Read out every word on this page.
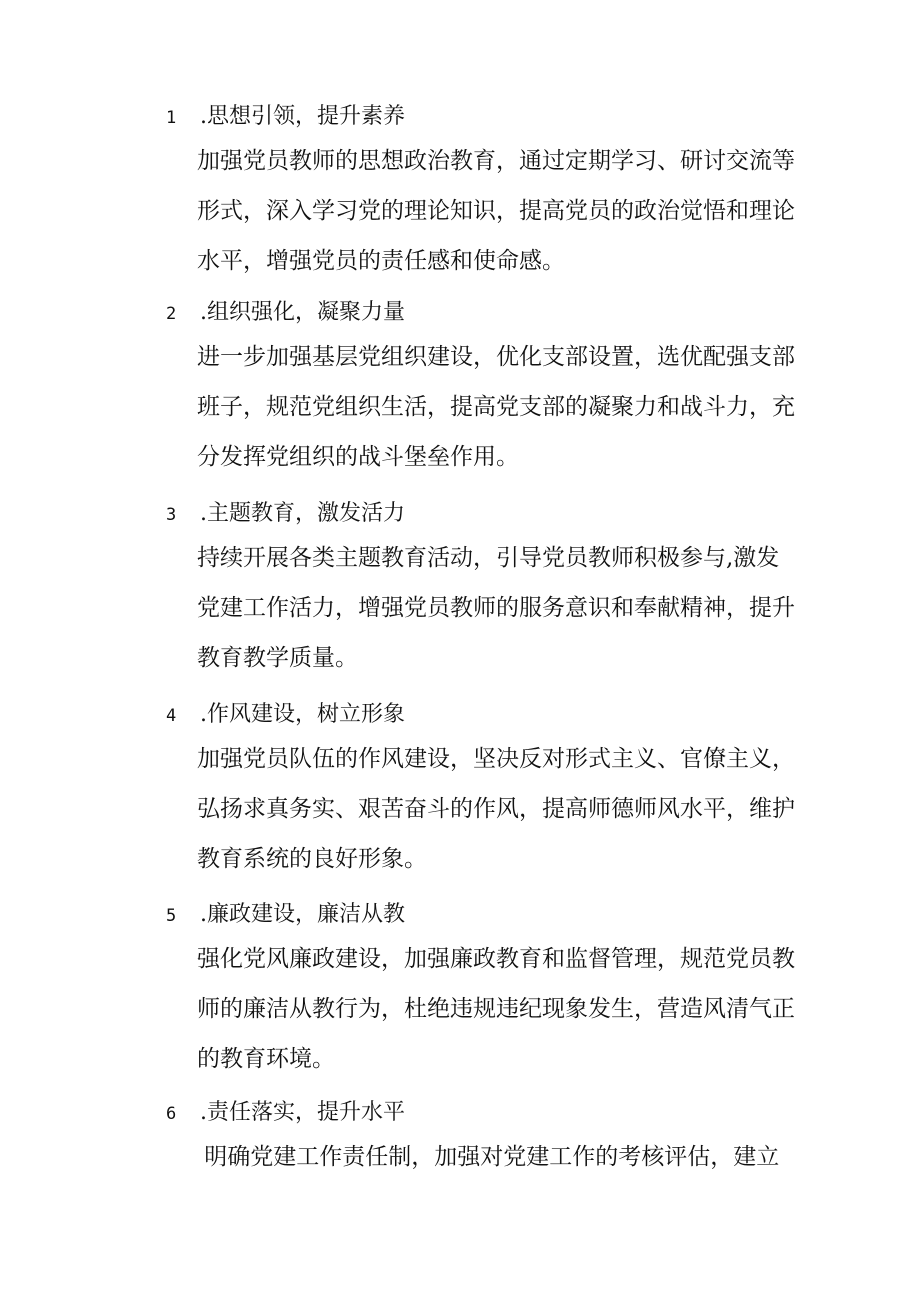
1 .思想引领，提升素养
加强党员教师的思想政治教育，通过定期学习、研讨交流等
形式，深入学习党的理论知识，提高党员的政治觉悟和理论
水平，增强党员的责任感和使命感。
2 .组织强化，凝聚力量
进一步加强基层党组织建设，优化支部设置，选优配强支部
班子，规范党组织生活，提高党支部的凝聚力和战斗力，充
分发挥党组织的战斗堡垒作用。
3 .主题教育，激发活力
持续开展各类主题教育活动，引导党员教师积极参与,激发
党建工作活力，增强党员教师的服务意识和奉献精神，提升
教育教学质量。
4 .作风建设，树立形象
加强党员队伍的作风建设，坚决反对形式主义、官僚主义，
弘扬求真务实、艰苦奋斗的作风，提高师德师风水平，维护
教育系统的良好形象。
5 .廉政建设，廉洁从教
强化党风廉政建设，加强廉政教育和监督管理，规范党员教
师的廉洁从教行为，杜绝违规违纪现象发生，营造风清气正
的教育环境。
6 .责任落实，提升水平
明确党建工作责任制，加强对党建工作的考核评估，建立
